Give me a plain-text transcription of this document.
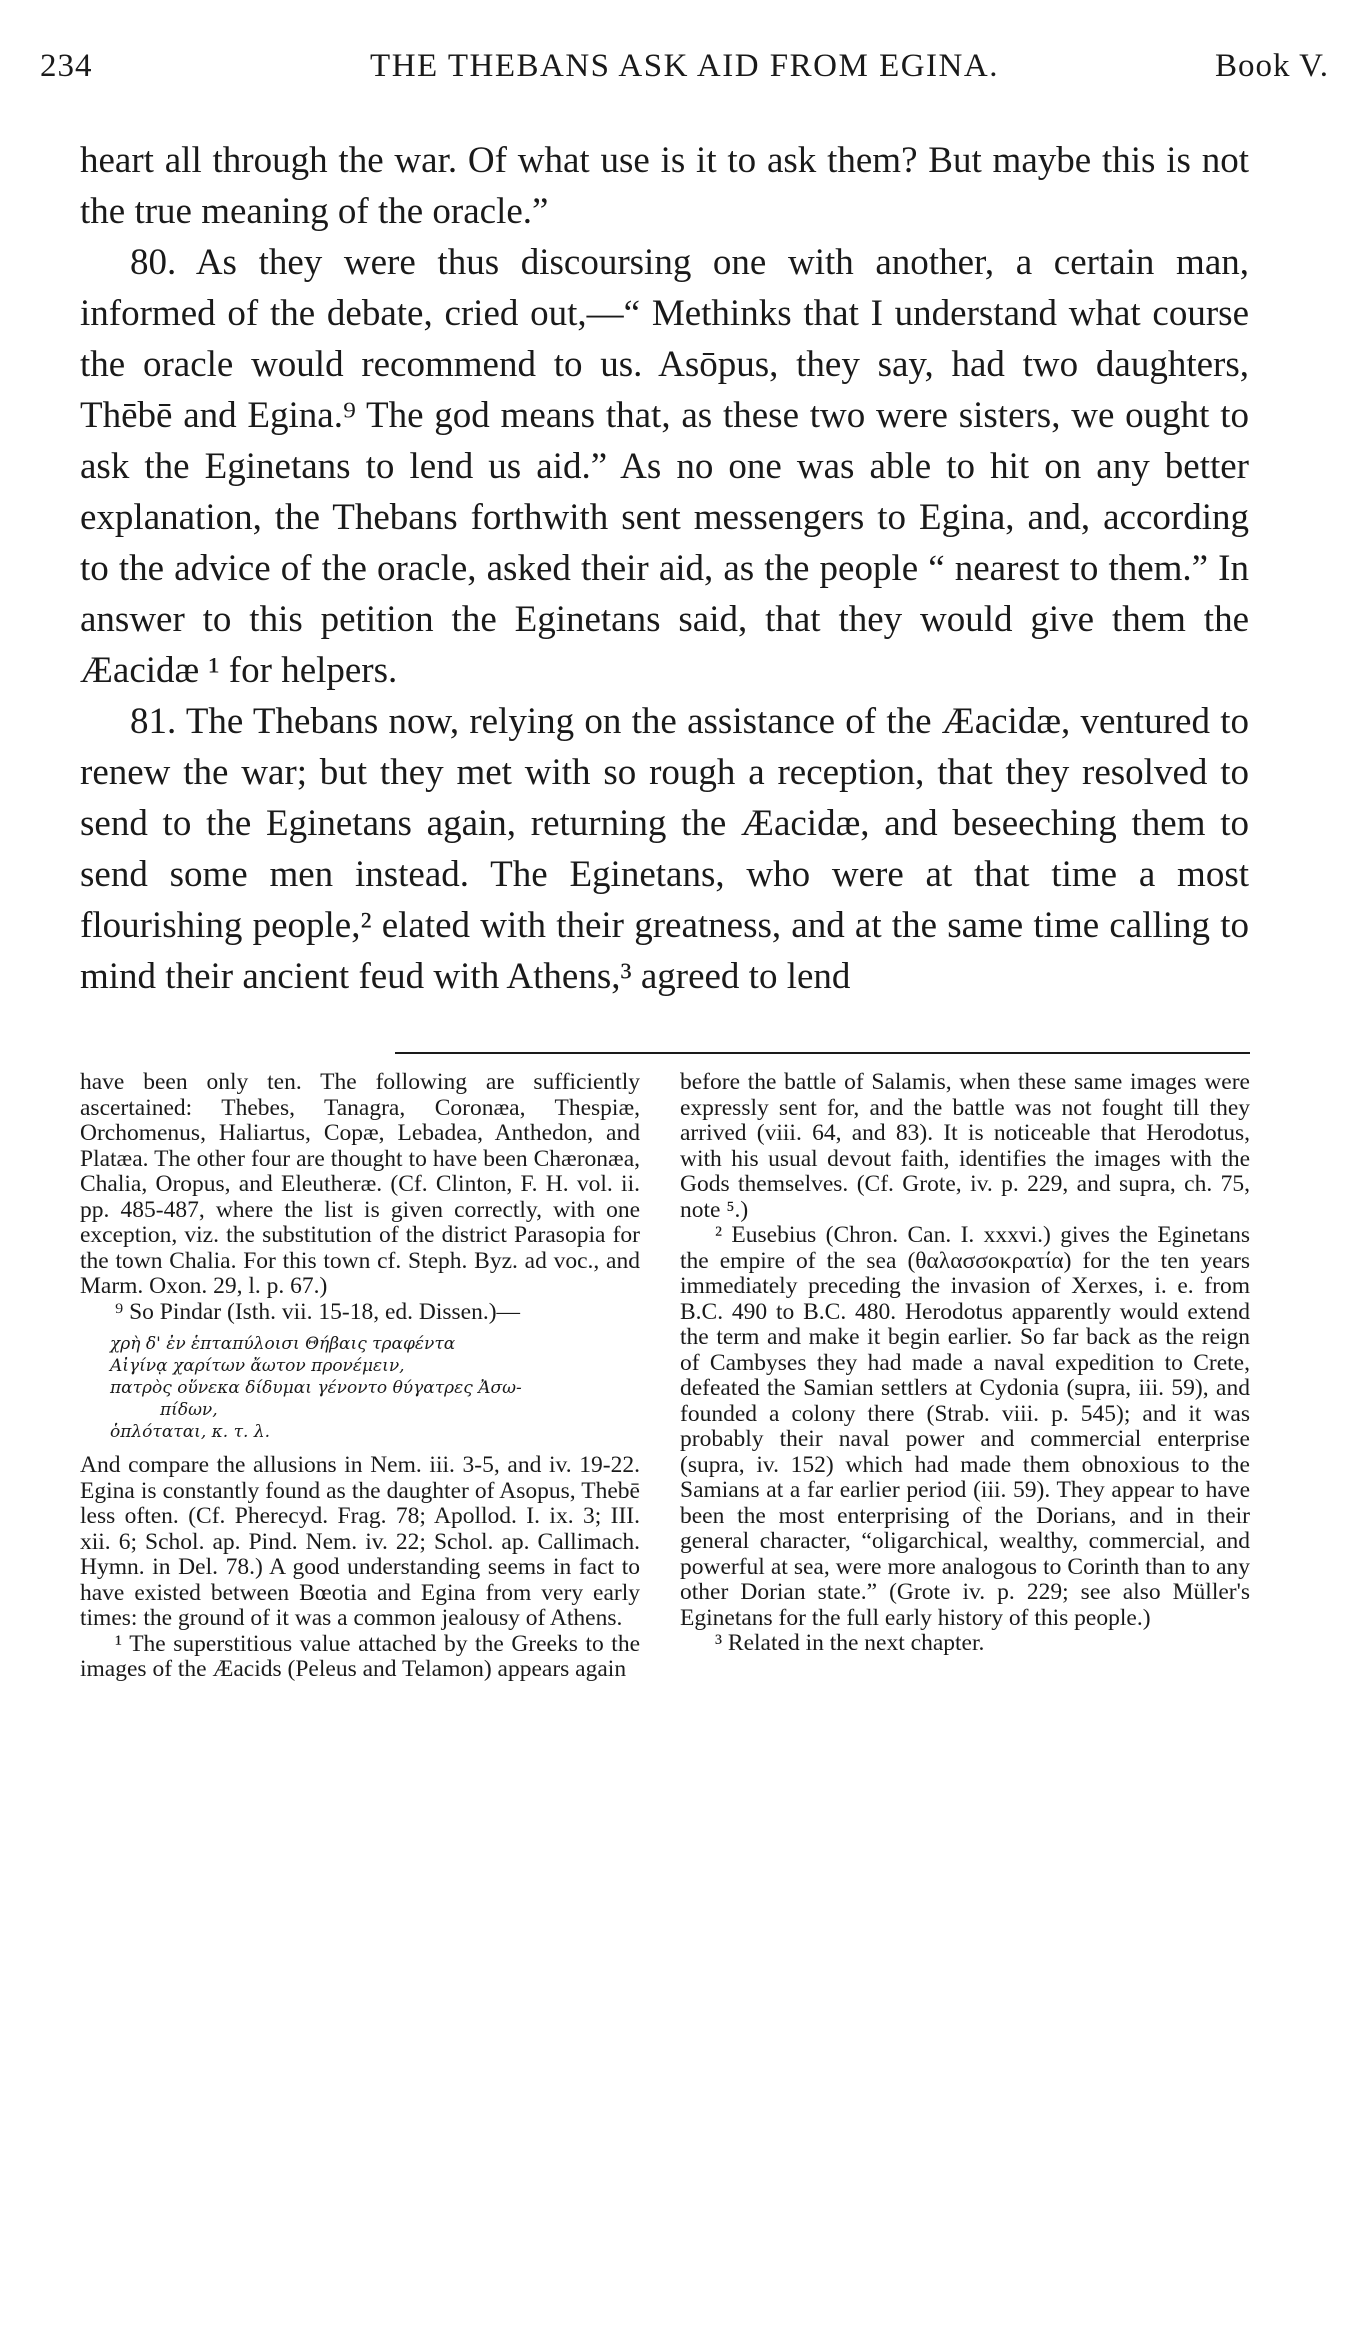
234	THE THEBANS ASK AID FROM EGINA.	Book V.

heart all through the war. Of what use is it to ask them? But maybe this is not the true meaning of the oracle.”

80. As they were thus discoursing one with another, a certain man, informed of the debate, cried out,—“ Methinks that I understand what course the oracle would recommend to us. Asōpus, they say, had two daughters, Thēbē and Egina.⁹ The god means that, as these two were sisters, we ought to ask the Eginetans to lend us aid.” As no one was able to hit on any better explanation, the Thebans forthwith sent messengers to Egina, and, according to the advice of the oracle, asked their aid, as the people “ nearest to them.” In answer to this petition the Eginetans said, that they would give them the Æacidæ ¹ for helpers.

81. The Thebans now, relying on the assistance of the Æacidæ, ventured to renew the war; but they met with so rough a reception, that they resolved to send to the Eginetans again, returning the Æacidæ, and beseeching them to send some men instead. The Eginetans, who were at that time a most flourishing people,² elated with their greatness, and at the same time calling to mind their ancient feud with Athens,³ agreed to lend

have been only ten. The following are sufficiently ascertained: Thebes, Tanagra, Coronæa, Thespiæ, Orchomenus, Haliartus, Copæ, Lebadea, Anthedon, and Platæa. The other four are thought to have been Chæronæa, Chalia, Oropus, and Eleutheræ. (Cf. Clinton, F. H. vol. ii. pp. 485-487, where the list is given correctly, with one exception, viz. the substitution of the district Parasopia for the town Chalia. For this town cf. Steph. Byz. ad voc., and Marm. Oxon. 29, l. p. 67.)

⁹ So Pindar (Isth. vii. 15-18, ed. Dissen.)—

χρὴ δ' ἐν ἑπταπύλοισι Θήβαις τραφέντα
Αἰγίνᾳ χαρίτων ἄωτον προνέμειν,
πατρὸς οὕνεκα δίδυμαι γένοντο θύγατρες Ἀσω-
πίδων,
ὁπλόταται, κ. τ. λ.

And compare the allusions in Nem. iii. 3-5, and iv. 19-22. Egina is constantly found as the daughter of Asopus, Thebē less often. (Cf. Pherecyd. Frag. 78; Apollod. I. ix. 3; III. xii. 6; Schol. ap. Pind. Nem. iv. 22; Schol. ap. Callimach. Hymn. in Del. 78.) A good understanding seems in fact to have existed between Bœotia and Egina from very early times: the ground of it was a common jealousy of Athens.

¹ The superstitious value attached by the Greeks to the images of the Æacids (Peleus and Telamon) appears again

before the battle of Salamis, when these same images were expressly sent for, and the battle was not fought till they arrived (viii. 64, and 83). It is noticeable that Herodotus, with his usual devout faith, identifies the images with the Gods themselves. (Cf. Grote, iv. p. 229, and supra, ch. 75, note ⁵.)

² Eusebius (Chron. Can. I. xxxvi.) gives the Eginetans the empire of the sea (θαλασσοκρατία) for the ten years immediately preceding the invasion of Xerxes, i. e. from B.C. 490 to B.C. 480. Herodotus apparently would extend the term and make it begin earlier. So far back as the reign of Cambyses they had made a naval expedition to Crete, defeated the Samian settlers at Cydonia (supra, iii. 59), and founded a colony there (Strab. viii. p. 545); and it was probably their naval power and commercial enterprise (supra, iv. 152) which had made them obnoxious to the Samians at a far earlier period (iii. 59). They appear to have been the most enterprising of the Dorians, and in their general character, “oligarchical, wealthy, commercial, and powerful at sea, were more analogous to Corinth than to any other Dorian state.” (Grote iv. p. 229; see also Müller's Eginetans for the full early history of this people.)

³ Related in the next chapter.
